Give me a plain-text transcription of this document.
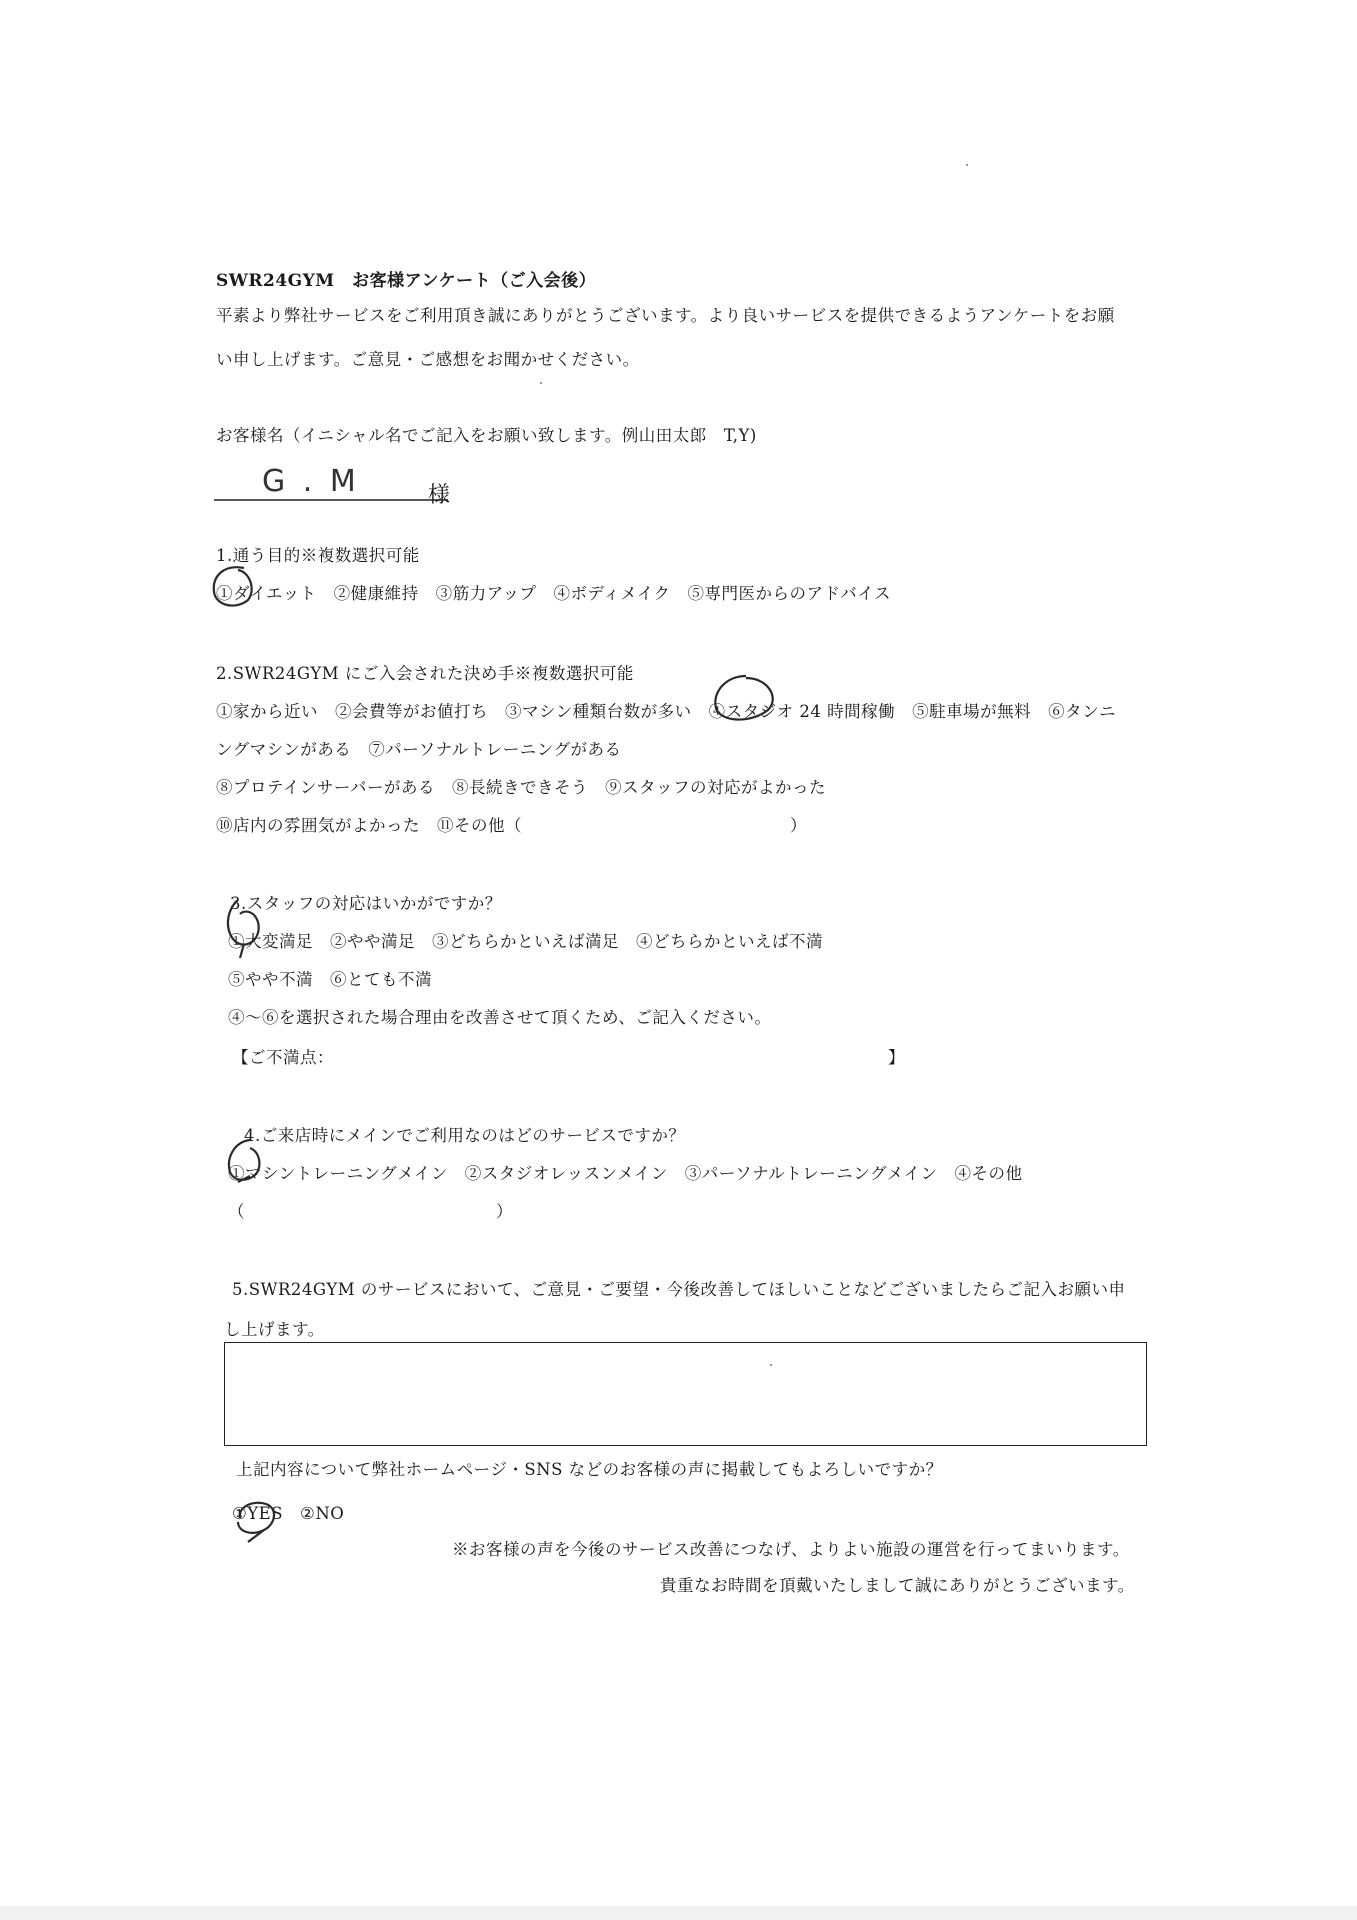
SWR24GYM　お客様アンケート（ご入会後）
平素より弊社サービスをご利用頂き誠にありがとうございます。より良いサービスを提供できるようアンケートをお願
い申し上げます。ご意見・ご感想をお聞かせください。
お客様名（イニシャル名でご記入をお願い致します。例山田太郎　T,Y)
G . M	様
1.通う目的※複数選択可能
①ダイエット　②健康維持　③筋力アップ　④ボディメイク　⑤専門医からのアドバイス
2.SWR24GYM にご入会された決め手※複数選択可能
①家から近い　②会費等がお値打ち　③マシン種類台数が多い　④スタジオ 24 時間稼働　⑤駐車場が無料　⑥タンニ
ングマシンがある　⑦パーソナルトレーニングがある
⑧プロテインサーバーがある　⑧長続きできそう　⑨スタッフの対応がよかった
⑩店内の雰囲気がよかった　⑪その他（	）
3.スタッフの対応はいかがですか？
①大変満足　②やや満足　③どちらかといえば満足　④どちらかといえば不満
⑤やや不満　⑥とても不満
④～⑥を選択された場合理由を改善させて頂くため、ご記入ください。
【ご不満点：	】
4.ご来店時にメインでご利用なのはどのサービスですか？
①マシントレーニングメイン　②スタジオレッスンメイン　③パーソナルトレーニングメイン　④その他
（	）
5.SWR24GYM のサービスにおいて、ご意見・ご要望・今後改善してほしいことなどございましたらご記入お願い申
し上げます。
上記内容について弊社ホームページ・SNS などのお客様の声に掲載してもよろしいですか？
①YES　②NO
※お客様の声を今後のサービス改善につなげ、よりよい施設の運営を行ってまいります。
貴重なお時間を頂戴いたしまして誠にありがとうございます。
